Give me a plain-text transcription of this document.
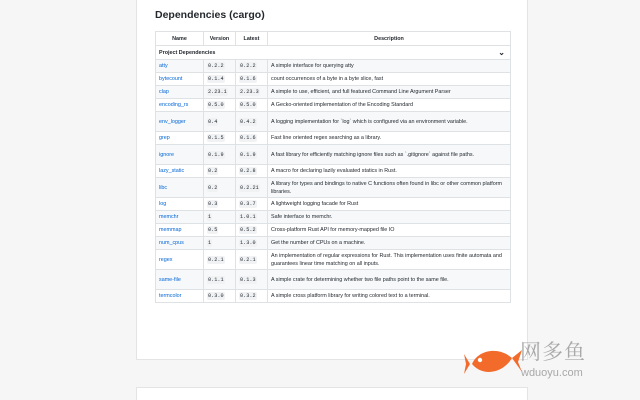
Dependencies (cargo)
Name	Version	Latest	Description
Project Dependencies ⌄			

atty	0.2.2	0.2.2	A simple interface for querying atty
bytecount	0.1.4	0.1.6	count occurrences of a byte in a byte slice, fast
clap	2.23.1	2.23.3	A simple to use, efficient, and full featured Command Line Argument Parser
encoding_rs	0.5.0	0.5.0	A Gecko-oriented implementation of the Encoding Standard
env_logger	0.4	0.4.2	A logging implementation for `log` which is configured via an environment variable.
grep	0.1.5	0.1.6	Fast line oriented regex searching as a library.
ignore	0.1.9	0.1.9	A fast library for efficiently matching ignore files such as `.gitignore` against file paths.
lazy_static	0.2	0.2.8	A macro for declaring lazily evaluated statics in Rust.
libc	0.2	0.2.21	A library for types and bindings to native C functions often found in libc or other common platform libraries.
log	0.3	0.3.7	A lightweight logging facade for Rust
memchr	1	1.0.1	Safe interface to memchr.
memmap	0.5	0.5.2	Cross-platform Rust API for memory-mapped file IO
num_cpus	1	1.3.0	Get the number of CPUs on a machine.
regex	0.2.1	0.2.1	An implementation of regular expressions for Rust. This implementation uses finite automata and guarantees linear time matching on all inputs.
same-file	0.1.1	0.1.3	A simple crate for determining whether two file paths point to the same file.
termcolor	0.3.0	0.3.2	A simple cross platform library for writing colored text to a terminal.
网多鱼
wduoyu.com
